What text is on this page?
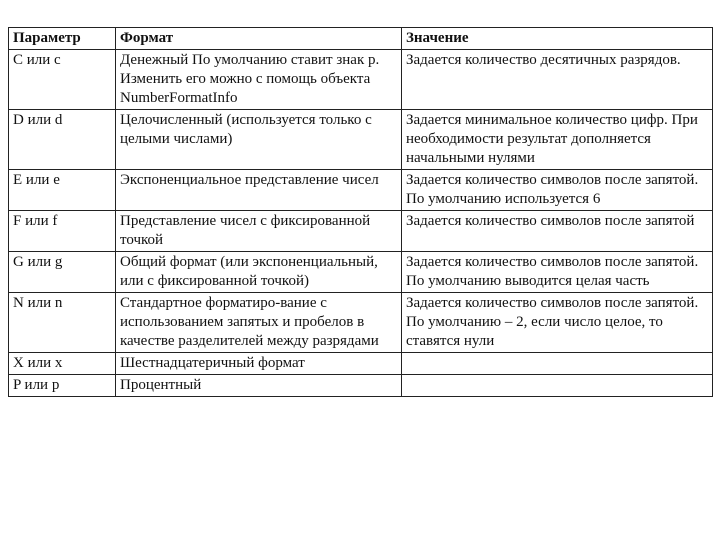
Параметр	Формат	Значение
C или c	Денежный По умолчанию ставит знак р. Изменить его можно с помощь объекта NumberFormatInfo	Задается количество десятичных разрядов.
D или d	Целочисленный (используется только с целыми числами)	Задается минимальное количество цифр. При необходимости результат дополняется начальными нулями
E или e	Экспоненциальное представление чисел	Задается количество символов после запятой. По умолчанию используется 6
F или f	Представление чисел с фиксированной точкой	Задается количество символов после запятой
G или g	Общий формат (или экспоненциальный, или с фиксированной точкой)	Задается количество символов после запятой. По умолчанию выводится целая часть
N или n	Стандартное форматиро-вание с использованием запятых и пробелов в качестве разделителей между разрядами	Задается количество символов после запятой. По умолчанию – 2, если число целое, то ставятся нули
X или x	Шестнадцатеричный формат	
P или p	Процентный	
